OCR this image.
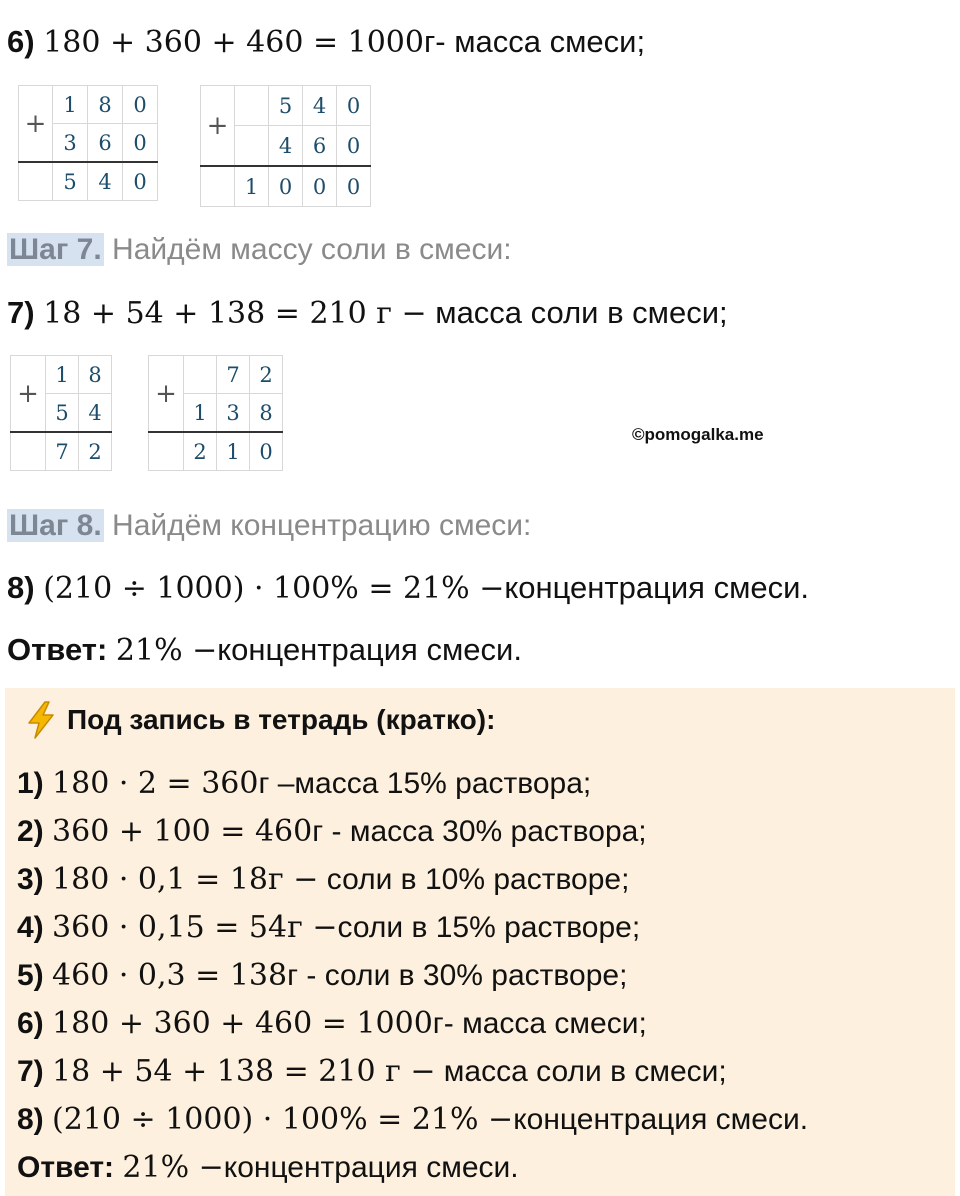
6) 180 + 360 + 460 = 1000г- масса смеси;
+	1	8	0
	3	6	0
	5	4	0
+		5	4	0
		4	6	0
	1	0	0	0
Шаг 7. Найдём массу соли в смеси:
7) 18 + 54 + 138 = 210 г − масса соли в смеси;
+	1	8
	5	4
	7	2
+		7	2
	1	3	8
	2	1	0
©pomogalka.me
Шаг 8. Найдём концентрацию смеси:
8) (210 ÷ 1000) · 100% = 21% −концентрация смеси.
Ответ: 21% −концентрация смеси.
Под запись в тетрадь (кратко):
1) 180 · 2 = 360г –масса 15% раствора;
2) 360 + 100 = 460г - масса 30% раствора;
3) 180 · 0,1 = 18г − соли в 10% растворе;
4) 360 · 0,15 = 54г −соли в 15% растворе;
5) 460 · 0,3 = 138г - соли в 30% растворе;
6) 180 + 360 + 460 = 1000г- масса смеси;
7) 18 + 54 + 138 = 210 г − масса соли в смеси;
8) (210 ÷ 1000) · 100% = 21% −концентрация смеси.
Ответ: 21% −концентрация смеси.
